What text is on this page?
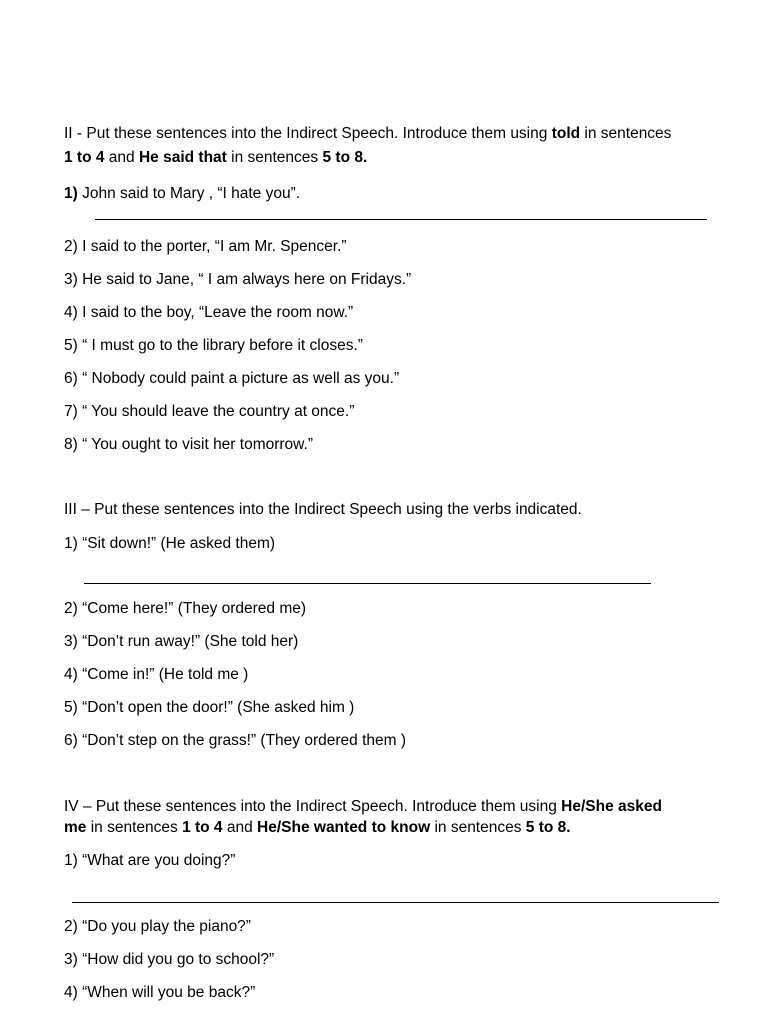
II - Put these sentences into the Indirect Speech. Introduce them using told in sentences
1 to 4 and He said that in sentences 5 to 8.
1) John said to Mary , “I hate you”.
2) I said to the porter, “I am Mr. Spencer.”
3) He said to Jane, “ I am always here on Fridays.”
4) I said to the boy, “Leave the room now.”
5) “ I must go to the library before it closes.”
6) “ Nobody could paint a picture as well as you.”
7) “ You should leave the country at once.”
8) “ You ought to visit her tomorrow.”
III – Put these sentences into the Indirect Speech using the verbs indicated.
1) “Sit down!” (He asked them)
2) “Come here!” (They ordered me)
3) “Don’t run away!” (She told her)
4) “Come in!” (He told me )
5) “Don’t open the door!” (She asked him )
6) “Don’t step on the grass!” (They ordered them )
IV – Put these sentences into the Indirect Speech. Introduce them using He/She asked
me in sentences 1 to 4 and He/She wanted to know in sentences 5 to 8.
1) “What are you doing?”
2) “Do you play the piano?”
3) “How did you go to school?”
4) “When will you be back?”
